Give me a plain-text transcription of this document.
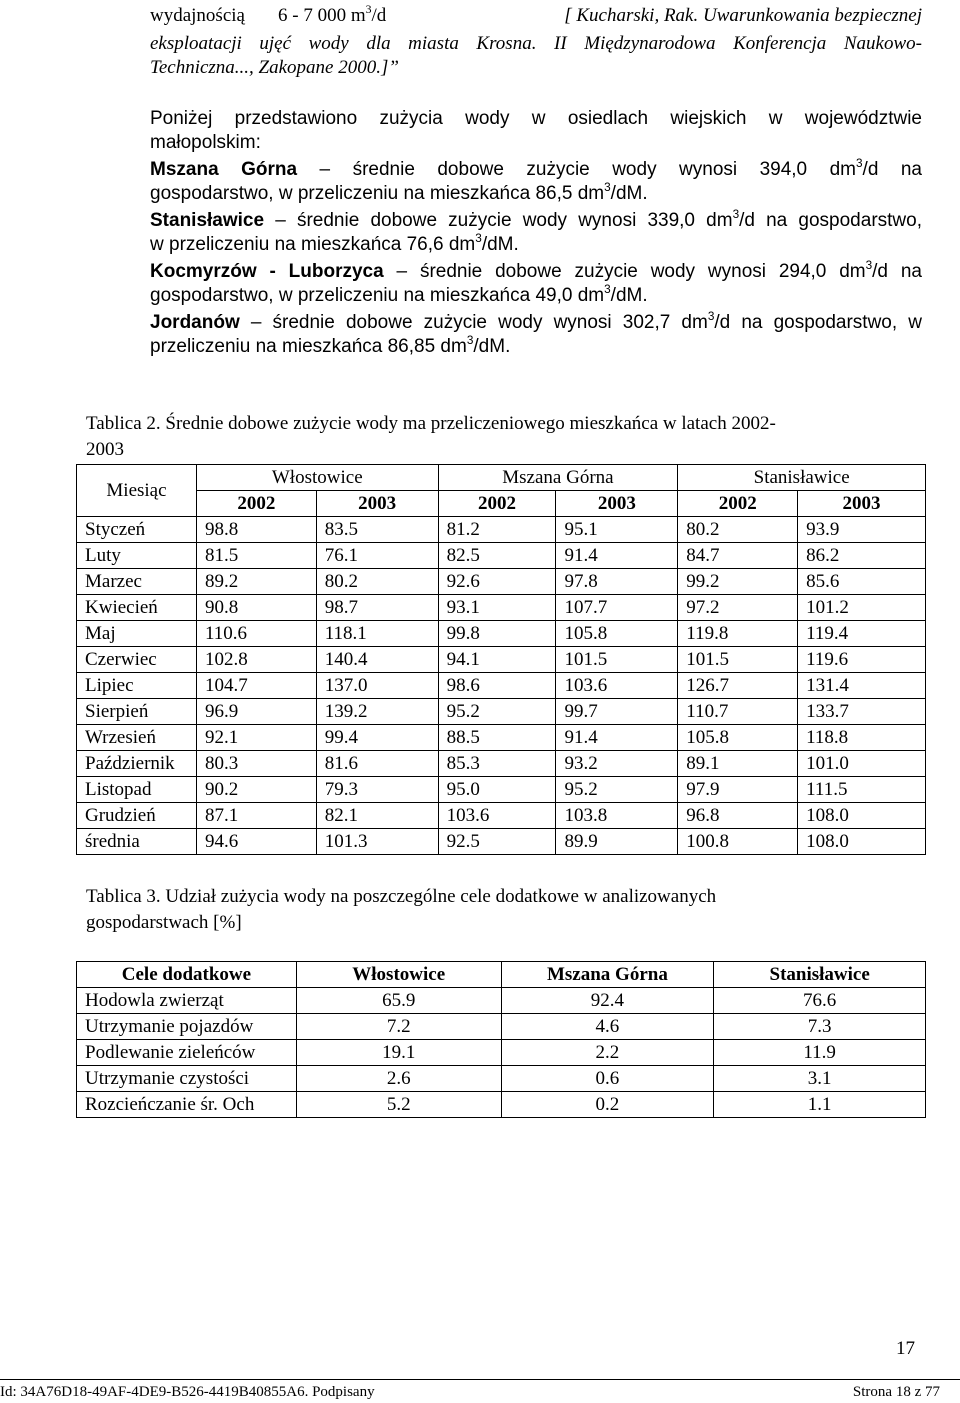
wydajnością 6 - 7 000 $m^3/d$	[ Kucharski, Rak. Uwarunkowania bezpiecznej

eksploatacji ujęć wody dla miasta Krosna. II Międzynarodowa Konferencja Naukowo-

Techniczna..., Zakopane 2000.]”

Poniżej przedstawiono zużycia wody w osiedlach wiejskich w województwie

małopolskim:

Mszana Górna – średnie dobowe zużycie wody wynosi 394,0 $dm^3/d$ na
gospodarstwo, w przeliczeniu na mieszkańca 86,5 $dm^3/dM$.
Stanisławice – średnie dobowe zużycie wody wynosi 339,0 $dm^3/d$ na gospodarstwo,
w przeliczeniu na mieszkańca 76,6 $dm^3/dM$.
Kocmyrzów - Luborzyca – średnie dobowe zużycie wody wynosi 294,0 $dm^3/d$ na
gospodarstwo, w przeliczeniu na mieszkańca 49,0 $dm^3/dM$.
Jordanów – średnie dobowe zużycie wody wynosi 302,7 $dm^3/d$ na gospodarstwo, w
przeliczeniu na mieszkańca 86,85 $dm^3/dM$.

Tablica 2. Średnie dobowe zużycie wody ma przeliczeniowego mieszkańca w latach 2002-

2003

Miesiąc	Włostowice		Mszana Górna		Stanisławice	
	2002	2003	2002	2003	2002	2003
Styczeń	98.8	83.5	81.2	95.1	80.2	93.9
Luty	81.5	76.1	82.5	91.4	84.7	86.2
Marzec	89.2	80.2	92.6	97.8	99.2	85.6
Kwiecień	90.8	98.7	93.1	107.7	97.2	101.2
Maj	110.6	118.1	99.8	105.8	119.8	119.4
Czerwiec	102.8	140.4	94.1	101.5	101.5	119.6
Lipiec	104.7	137.0	98.6	103.6	126.7	131.4
Sierpień	96.9	139.2	95.2	99.7	110.7	133.7
Wrzesień	92.1	99.4	88.5	91.4	105.8	118.8
Październik	80.3	81.6	85.3	93.2	89.1	101.0
Listopad	90.2	79.3	95.0	95.2	97.9	111.5
Grudzień	87.1	82.1	103.6	103.8	96.8	108.0
średnia	94.6	101.3	92.5	89.9	100.8	108.0

Tablica 3. Udział zużycia wody na poszczególne cele dodatkowe w analizowanych

gospodarstwach [%]

Cele dodatkowe	Włostowice	Mszana Górna	Stanisławice
Hodowla zwierząt	65.9	92.4	76.6
Utrzymanie pojazdów	7.2	4.6	7.3
Podlewanie zieleńców	19.1	2.2	11.9
Utrzymanie czystości	2.6	0.6	3.1
Rozcieńczanie śr. Och	5.2	0.2	1.1

17

Id: 34A76D18-49AF-4DE9-B526-4419B40855A6. Podpisany	Strona 18 z 77
